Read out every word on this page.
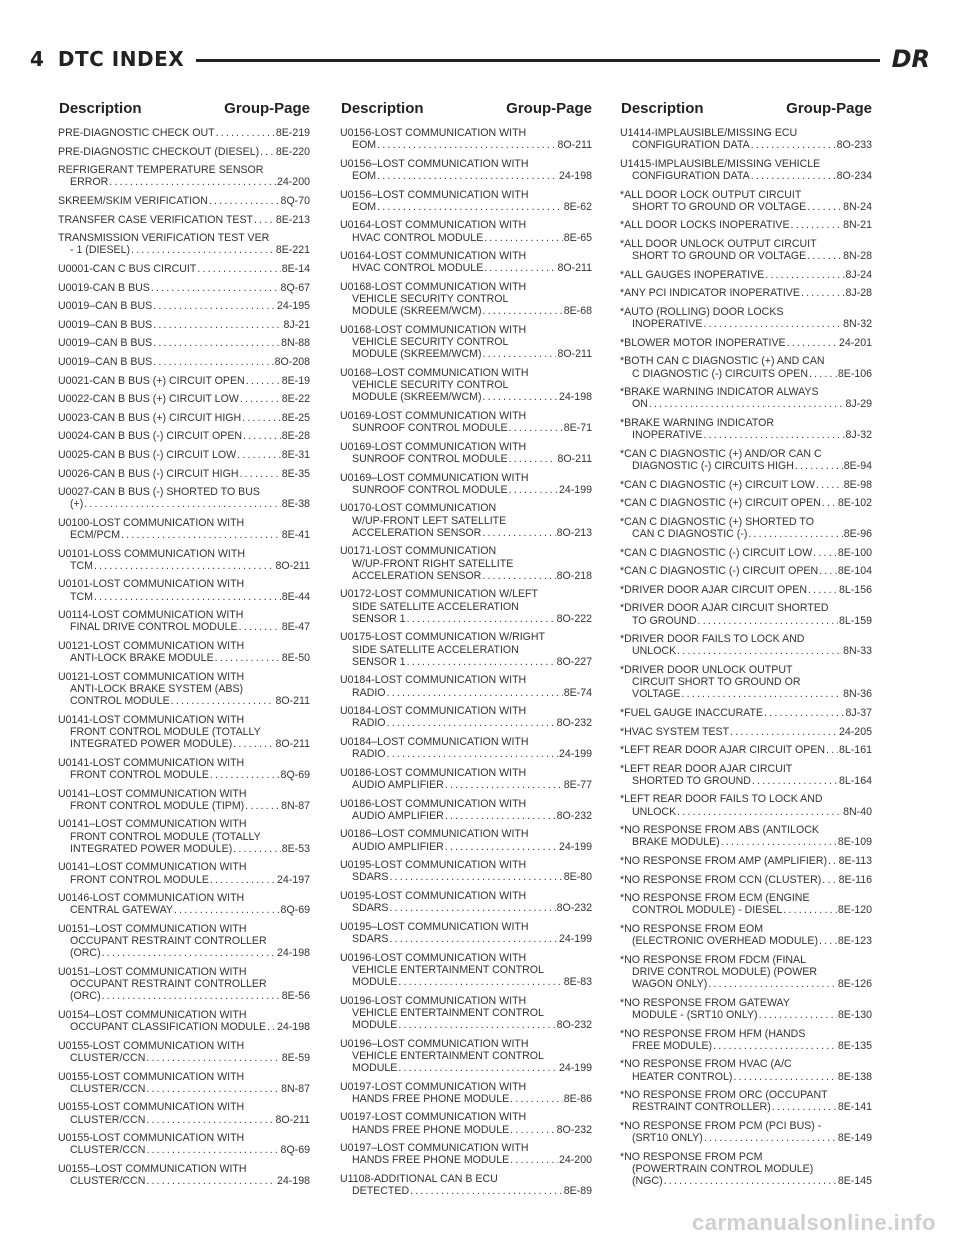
4 DTC INDEX	DR
Description	Group-Page
PRE-DIAGNOSTIC CHECK OUT .....	8E-219
PRE-DIAGNOSTIC CHECKOUT (DIESEL) ..... 8E-220
REFRIGERANT TEMPERATURE SENSOR
ERROR .....	24-200
SKREEM/SKIM VERIFICATION .....	8Q-70
TRANSFER CASE VERIFICATION TEST ..... 8E-213
TRANSMISSION VERIFICATION TEST VER
- 1 (DIESEL) .....	8E-221
U0001-CAN C BUS CIRCUIT .....	8E-14
U0019-CAN B BUS .....	8Q-67
U0019–CAN B BUS .....	24-195
U0019–CAN B BUS .....	8J-21
U0019–CAN B BUS .....	8N-88
U0019–CAN B BUS .....	8O-208
U0021-CAN B BUS (+) CIRCUIT OPEN .....	8E-19
U0022-CAN B BUS (+) CIRCUIT LOW .....	8E-22
U0023-CAN B BUS (+) CIRCUIT HIGH .....	8E-25
U0024-CAN B BUS (-) CIRCUIT OPEN .....	8E-28
U0025-CAN B BUS (-) CIRCUIT LOW .....	8E-31
U0026-CAN B BUS (-) CIRCUIT HIGH .....	8E-35
U0027-CAN B BUS (-) SHORTED TO BUS
(+) .....	8E-38
U0100-LOST COMMUNICATION WITH
ECM/PCM .....	8E-41
U0101-LOSS COMMUNICATION WITH
TCM .....	8O-211
U0101-LOST COMMUNICATION WITH
TCM .....	8E-44
U0114-LOST COMMUNICATION WITH
FINAL DRIVE CONTROL MODULE .....	8E-47
U0121-LOST COMMUNICATION WITH
ANTI-LOCK BRAKE MODULE .....	8E-50
U0121-LOST COMMUNICATION WITH
ANTI-LOCK BRAKE SYSTEM (ABS)
CONTROL MODULE .....	8O-211
U0141-LOST COMMUNICATION WITH
FRONT CONTROL MODULE (TOTALLY
INTEGRATED POWER MODULE) .....	8O-211
U0141-LOST COMMUNICATION WITH
FRONT CONTROL MODULE .....	8Q-69
U0141–LOST COMMUNICATION WITH
FRONT CONTROL MODULE (TIPM) .....	8N-87
U0141–LOST COMMUNICATION WITH
FRONT CONTROL MODULE (TOTALLY
INTEGRATED POWER MODULE) .....	8E-53
U0141–LOST COMMUNICATION WITH
FRONT CONTROL MODULE .....	24-197
U0146-LOST COMMUNICATION WITH
CENTRAL GATEWAY .....	8Q-69
U0151–LOST COMMUNICATION WITH
OCCUPANT RESTRAINT CONTROLLER
(ORC) .....	24-198
U0151–LOST COMMUNICATION WITH
OCCUPANT RESTRAINT CONTROLLER
(ORC) .....	8E-56
U0154–LOST COMMUNICATION WITH
OCCUPANT CLASSIFICATION MODULE ..... 24-198
U0155-LOST COMMUNICATION WITH
CLUSTER/CCN .....	8E-59
U0155-LOST COMMUNICATION WITH
CLUSTER/CCN .....	8N-87
U0155-LOST COMMUNICATION WITH
CLUSTER/CCN .....	8O-211
U0155-LOST COMMUNICATION WITH
CLUSTER/CCN .....	8Q-69
U0155–LOST COMMUNICATION WITH
CLUSTER/CCN .....	24-198
Description	Group-Page
U0156-LOST COMMUNICATION WITH
EOM .....	8O-211
U0156–LOST COMMUNICATION WITH
EOM .....	24-198
U0156–LOST COMMUNICATION WITH
EOM .....	8E-62
U0164-LOST COMMUNICATION WITH
HVAC CONTROL MODULE .....	8E-65
U0164-LOST COMMUNICATION WITH
HVAC CONTROL MODULE .....	8O-211
U0168-LOST COMMUNICATION WITH
VEHICLE SECURITY CONTROL
MODULE (SKREEM/WCM) .....	8E-68
U0168-LOST COMMUNICATION WITH
VEHICLE SECURITY CONTROL
MODULE (SKREEM/WCM) .....	8O-211
U0168–LOST COMMUNICATION WITH
VEHICLE SECURITY CONTROL
MODULE (SKREEM/WCM) .....	24-198
U0169-LOST COMMUNICATION WITH
SUNROOF CONTROL MODULE .....	8E-71
U0169-LOST COMMUNICATION WITH
SUNROOF CONTROL MODULE .....	8O-211
U0169–LOST COMMUNICATION WITH
SUNROOF CONTROL MODULE .....	24-199
U0170-LOST COMMUNICATION
W/UP-FRONT LEFT SATELLITE
ACCELERATION SENSOR .....	8O-213
U0171-LOST COMMUNICATION
W/UP-FRONT RIGHT SATELLITE
ACCELERATION SENSOR .....	8O-218
U0172-LOST COMMUNICATION W/LEFT
SIDE SATELLITE ACCELERATION
SENSOR 1 .....	8O-222
U0175-LOST COMMUNICATION W/RIGHT
SIDE SATELLITE ACCELERATION
SENSOR 1 .....	8O-227
U0184-LOST COMMUNICATION WITH
RADIO .....	8E-74
U0184-LOST COMMUNICATION WITH
RADIO .....	8O-232
U0184–LOST COMMUNICATION WITH
RADIO .....	24-199
U0186-LOST COMMUNICATION WITH
AUDIO AMPLIFIER .....	8E-77
U0186-LOST COMMUNICATION WITH
AUDIO AMPLIFIER .....	8O-232
U0186–LOST COMMUNICATION WITH
AUDIO AMPLIFIER .....	24-199
U0195-LOST COMMUNICATION WITH
SDARS .....	8E-80
U0195-LOST COMMUNICATION WITH
SDARS .....	8O-232
U0195–LOST COMMUNICATION WITH
SDARS .....	24-199
U0196-LOST COMMUNICATION WITH
VEHICLE ENTERTAINMENT CONTROL
MODULE .....	8E-83
U0196-LOST COMMUNICATION WITH
VEHICLE ENTERTAINMENT CONTROL
MODULE .....	8O-232
U0196–LOST COMMUNICATION WITH
VEHICLE ENTERTAINMENT CONTROL
MODULE .....	24-199
U0197-LOST COMMUNICATION WITH
HANDS FREE PHONE MODULE .....	8E-86
U0197-LOST COMMUNICATION WITH
HANDS FREE PHONE MODULE .....	8O-232
U0197–LOST COMMUNICATION WITH
HANDS FREE PHONE MODULE .....	24-200
U1108-ADDITIONAL CAN B ECU
DETECTED .....	8E-89
Description	Group-Page
U1414-IMPLAUSIBLE/MISSING ECU
CONFIGURATION DATA .....	8O-233
U1415-IMPLAUSIBLE/MISSING VEHICLE
CONFIGURATION DATA .....	8O-234
*ALL DOOR LOCK OUTPUT CIRCUIT
SHORT TO GROUND OR VOLTAGE .....	8N-24
*ALL DOOR LOCKS INOPERATIVE .....	8N-21
*ALL DOOR UNLOCK OUTPUT CIRCUIT
SHORT TO GROUND OR VOLTAGE .....	8N-28
*ALL GAUGES INOPERATIVE .....	8J-24
*ANY PCI INDICATOR INOPERATIVE .....	8J-28
*AUTO (ROLLING) DOOR LOCKS
INOPERATIVE .....	8N-32
*BLOWER MOTOR INOPERATIVE .....	24-201
*BOTH CAN C DIAGNOSTIC (+) AND CAN
C DIAGNOSTIC (-) CIRCUITS OPEN .....	8E-106
*BRAKE WARNING INDICATOR ALWAYS
ON .....	8J-29
*BRAKE WARNING INDICATOR
INOPERATIVE .....	8J-32
*CAN C DIAGNOSTIC (+) AND/OR CAN C
DIAGNOSTIC (-) CIRCUITS HIGH .....	8E-94
*CAN C DIAGNOSTIC (+) CIRCUIT LOW .....	8E-98
*CAN C DIAGNOSTIC (+) CIRCUIT OPEN ..... 8E-102
*CAN C DIAGNOSTIC (+) SHORTED TO
CAN C DIAGNOSTIC (-) .....	8E-96
*CAN C DIAGNOSTIC (-) CIRCUIT LOW ..... 8E-100
*CAN C DIAGNOSTIC (-) CIRCUIT OPEN ..... 8E-104
*DRIVER DOOR AJAR CIRCUIT OPEN .....	8L-156
*DRIVER DOOR AJAR CIRCUIT SHORTED
TO GROUND .....	8L-159
*DRIVER DOOR FAILS TO LOCK AND
UNLOCK .....	8N-33
*DRIVER DOOR UNLOCK OUTPUT
CIRCUIT SHORT TO GROUND OR
VOLTAGE .....	8N-36
*FUEL GAUGE INACCURATE .....	8J-37
*HVAC SYSTEM TEST .....	24-205
*LEFT REAR DOOR AJAR CIRCUIT OPEN ..... 8L-161
*LEFT REAR DOOR AJAR CIRCUIT
SHORTED TO GROUND .....	8L-164
*LEFT REAR DOOR FAILS TO LOCK AND
UNLOCK .....	8N-40
*NO RESPONSE FROM ABS (ANTILOCK
BRAKE MODULE) .....	8E-109
*NO RESPONSE FROM AMP (AMPLIFIER) ..... 8E-113
*NO RESPONSE FROM CCN (CLUSTER) ..... 8E-116
*NO RESPONSE FROM ECM (ENGINE
CONTROL MODULE) - DIESEL .....	8E-120
*NO RESPONSE FROM EOM
(ELECTRONIC OVERHEAD MODULE) ..... 8E-123
*NO RESPONSE FROM FDCM (FINAL
DRIVE CONTROL MODULE) (POWER
WAGON ONLY) .....	8E-126
*NO RESPONSE FROM GATEWAY
MODULE - (SRT10 ONLY) .....	8E-130
*NO RESPONSE FROM HFM (HANDS
FREE MODULE) .....	8E-135
*NO RESPONSE FROM HVAC (A/C
HEATER CONTROL) .....	8E-138
*NO RESPONSE FROM ORC (OCCUPANT
RESTRAINT CONTROLLER) .....	8E-141
*NO RESPONSE FROM PCM (PCI BUS) -
(SRT10 ONLY) .....	8E-149
*NO RESPONSE FROM PCM
(POWERTRAIN CONTROL MODULE)
(NGC) .....	8E-145
carmanualsonline.info
